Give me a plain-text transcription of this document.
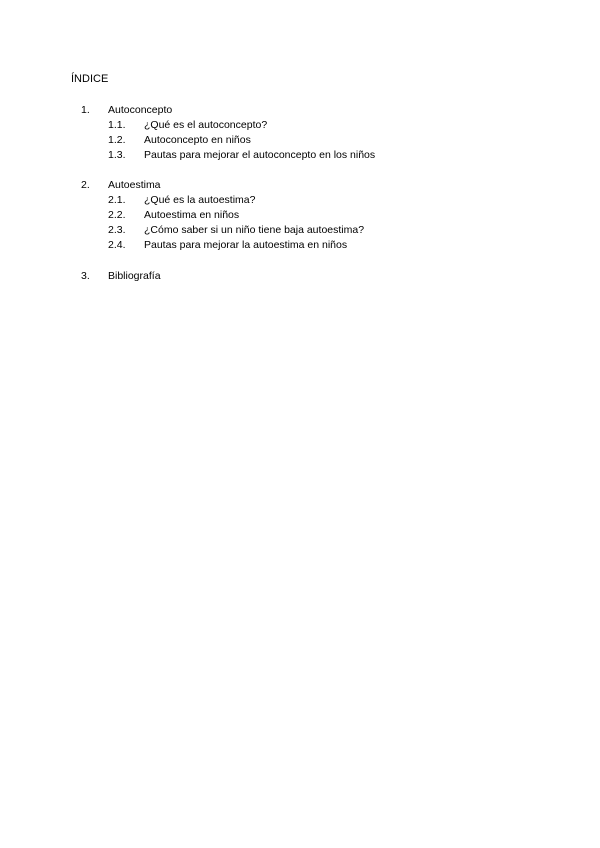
ÍNDICE
1. Autoconcepto
1.1. ¿Qué es el autoconcepto?
1.2. Autoconcepto en niños
1.3. Pautas para mejorar el autoconcepto en los niños
2. Autoestima
2.1. ¿Qué es la autoestima?
2.2. Autoestima en niños
2.3. ¿Cómo saber si un niño tiene baja autoestima?
2.4. Pautas para mejorar la autoestima en niños
3. Bibliografía
